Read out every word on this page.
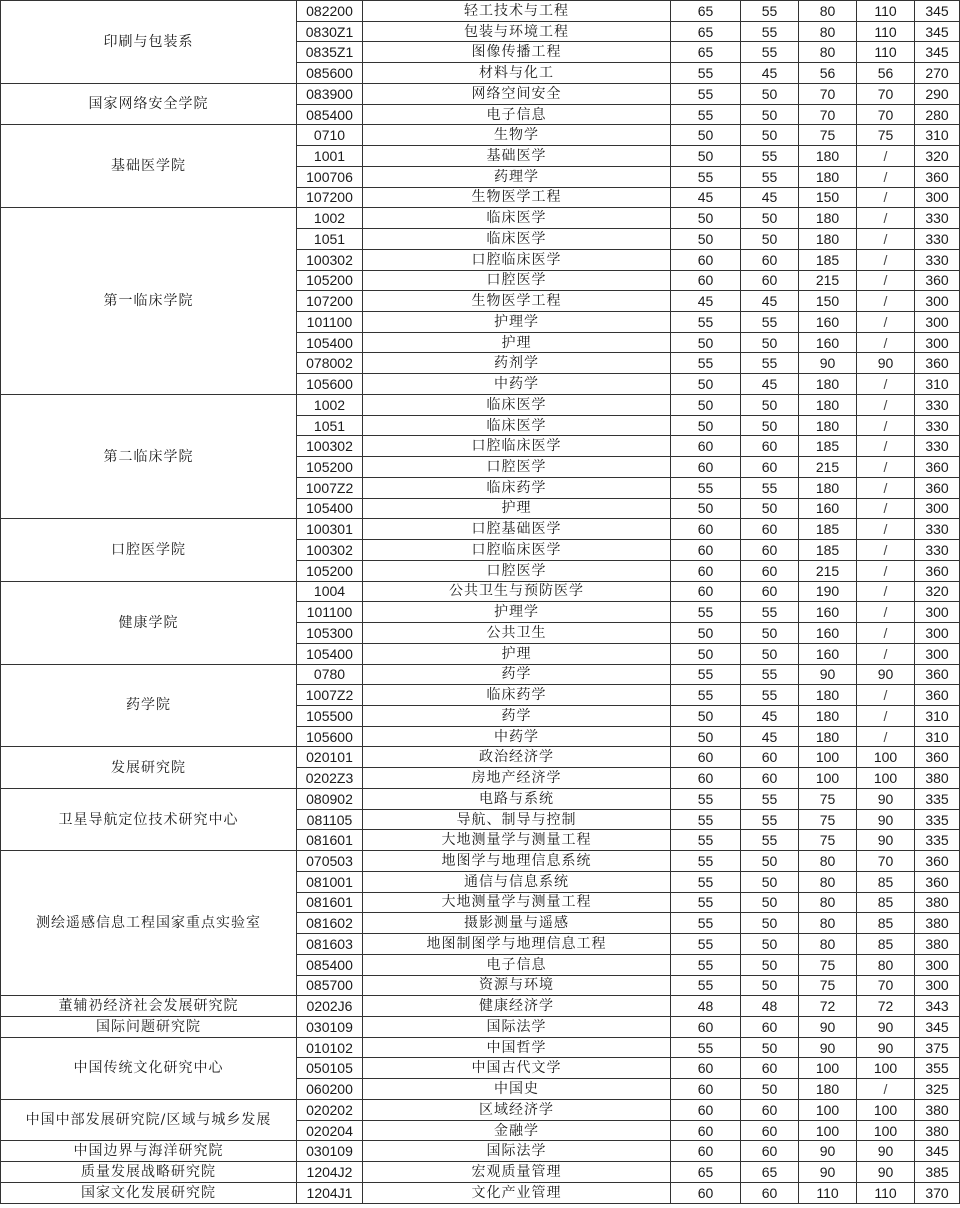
印刷与包装系	082200	轻工技术与工程	65	55	80	110	345
	0830Z1	包装与环境工程	65	55	80	110	345
	0835Z1	图像传播工程	65	55	80	110	345
	085600	材料与化工	55	45	56	56	270
国家网络安全学院	083900	网络空间安全	55	50	70	70	290
	085400	电子信息	55	50	70	70	280
基础医学院	0710	生物学	50	50	75	75	310
	1001	基础医学	50	55	180	/	320
	100706	药理学	55	55	180	/	360
	107200	生物医学工程	45	45	150	/	300
第一临床学院	1002	临床医学	50	50	180	/	330
	1051	临床医学	50	50	180	/	330
	100302	口腔临床医学	60	60	185	/	330
	105200	口腔医学	60	60	215	/	360
	107200	生物医学工程	45	45	150	/	300
	101100	护理学	55	55	160	/	300
	105400	护理	50	50	160	/	300
	078002	药剂学	55	55	90	90	360
	105600	中药学	50	45	180	/	310
第二临床学院	1002	临床医学	50	50	180	/	330
	1051	临床医学	50	50	180	/	330
	100302	口腔临床医学	60	60	185	/	330
	105200	口腔医学	60	60	215	/	360
	1007Z2	临床药学	55	55	180	/	360
	105400	护理	50	50	160	/	300
口腔医学院	100301	口腔基础医学	60	60	185	/	330
	100302	口腔临床医学	60	60	185	/	330
	105200	口腔医学	60	60	215	/	360
健康学院	1004	公共卫生与预防医学	60	60	190	/	320
	101100	护理学	55	55	160	/	300
	105300	公共卫生	50	50	160	/	300
	105400	护理	50	50	160	/	300
药学院	0780	药学	55	55	90	90	360
	1007Z2	临床药学	55	55	180	/	360
	105500	药学	50	45	180	/	310
	105600	中药学	50	45	180	/	310
发展研究院	020101	政治经济学	60	60	100	100	360
	0202Z3	房地产经济学	60	60	100	100	380
卫星导航定位技术研究中心	080902	电路与系统	55	55	75	90	335
	081105	导航、制导与控制	55	55	75	90	335
	081601	大地测量学与测量工程	55	55	75	90	335
测绘遥感信息工程国家重点实验室	070503	地图学与地理信息系统	55	50	80	70	360
	081001	通信与信息系统	55	50	80	85	360
	081601	大地测量学与测量工程	55	50	80	85	380
	081602	摄影测量与遥感	55	50	80	85	380
	081603	地图制图学与地理信息工程	55	50	80	85	380
	085400	电子信息	55	50	75	80	300
	085700	资源与环境	55	50	75	70	300
董辅礽经济社会发展研究院	0202J6	健康经济学	48	48	72	72	343
国际问题研究院	030109	国际法学	60	60	90	90	345
中国传统文化研究中心	010102	中国哲学	55	50	90	90	375
	050105	中国古代文学	60	60	100	100	355
	060200	中国史	60	50	180	/	325
中国中部发展研究院/区域与城乡发展	020202	区域经济学	60	60	100	100	380
	020204	金融学	60	60	100	100	380
中国边界与海洋研究院	030109	国际法学	60	60	90	90	345
质量发展战略研究院	1204J2	宏观质量管理	65	65	90	90	385
国家文化发展研究院	1204J1	文化产业管理	60	60	110	110	370
